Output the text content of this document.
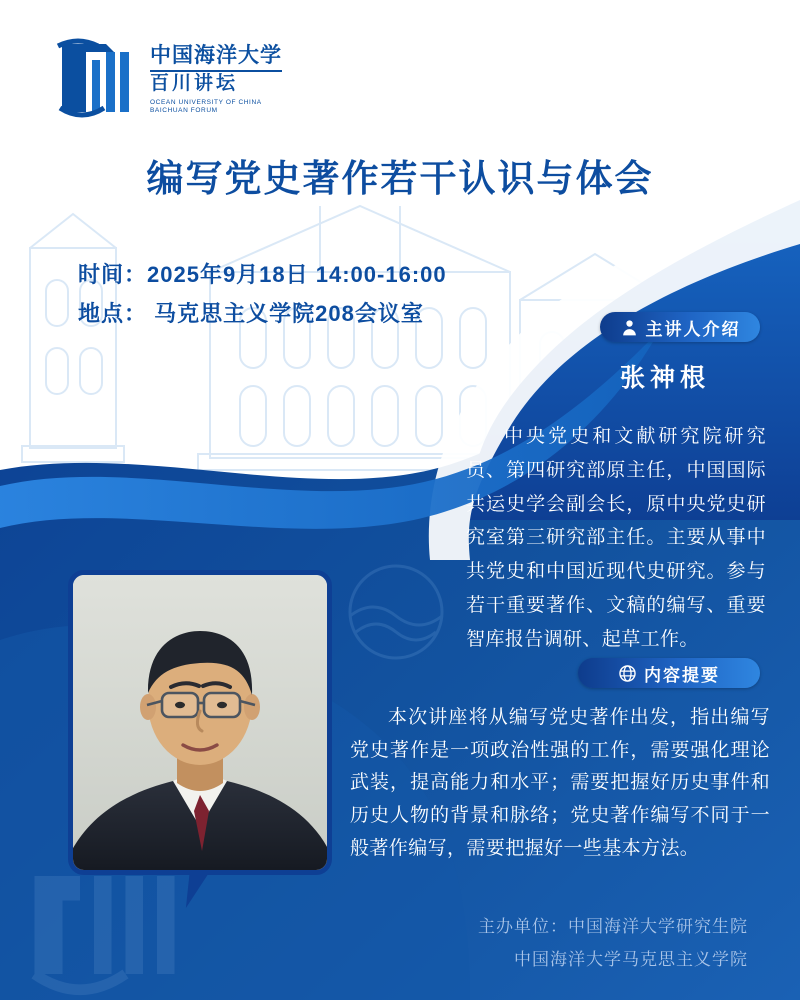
中国海洋大学
百川讲坛
OCEAN UNIVERSITY OF CHINA
BAICHUAN FORUM
编写党史著作若干认识与体会
时间：2025年9月18日 14:00-16:00
地点： 马克思主义学院208会议室
主讲人介绍
张神根
中央党史和文献研究院研究员、第四研究部原主任，中国国际共运史学会副会长，原中央党史研究室第三研究部主任。主要从事中共党史和中国近现代史研究。参与若干重要著作、文稿的编写、重要智库报告调研、起草工作。
内容提要
本次讲座将从编写党史著作出发，指出编写党史著作是一项政治性强的工作，需要强化理论武装，提高能力和水平；需要把握好历史事件和历史人物的背景和脉络；党史著作编写不同于一般著作编写，需要把握好一些基本方法。
主办单位：中国海洋大学研究生院
中国海洋大学马克思主义学院
